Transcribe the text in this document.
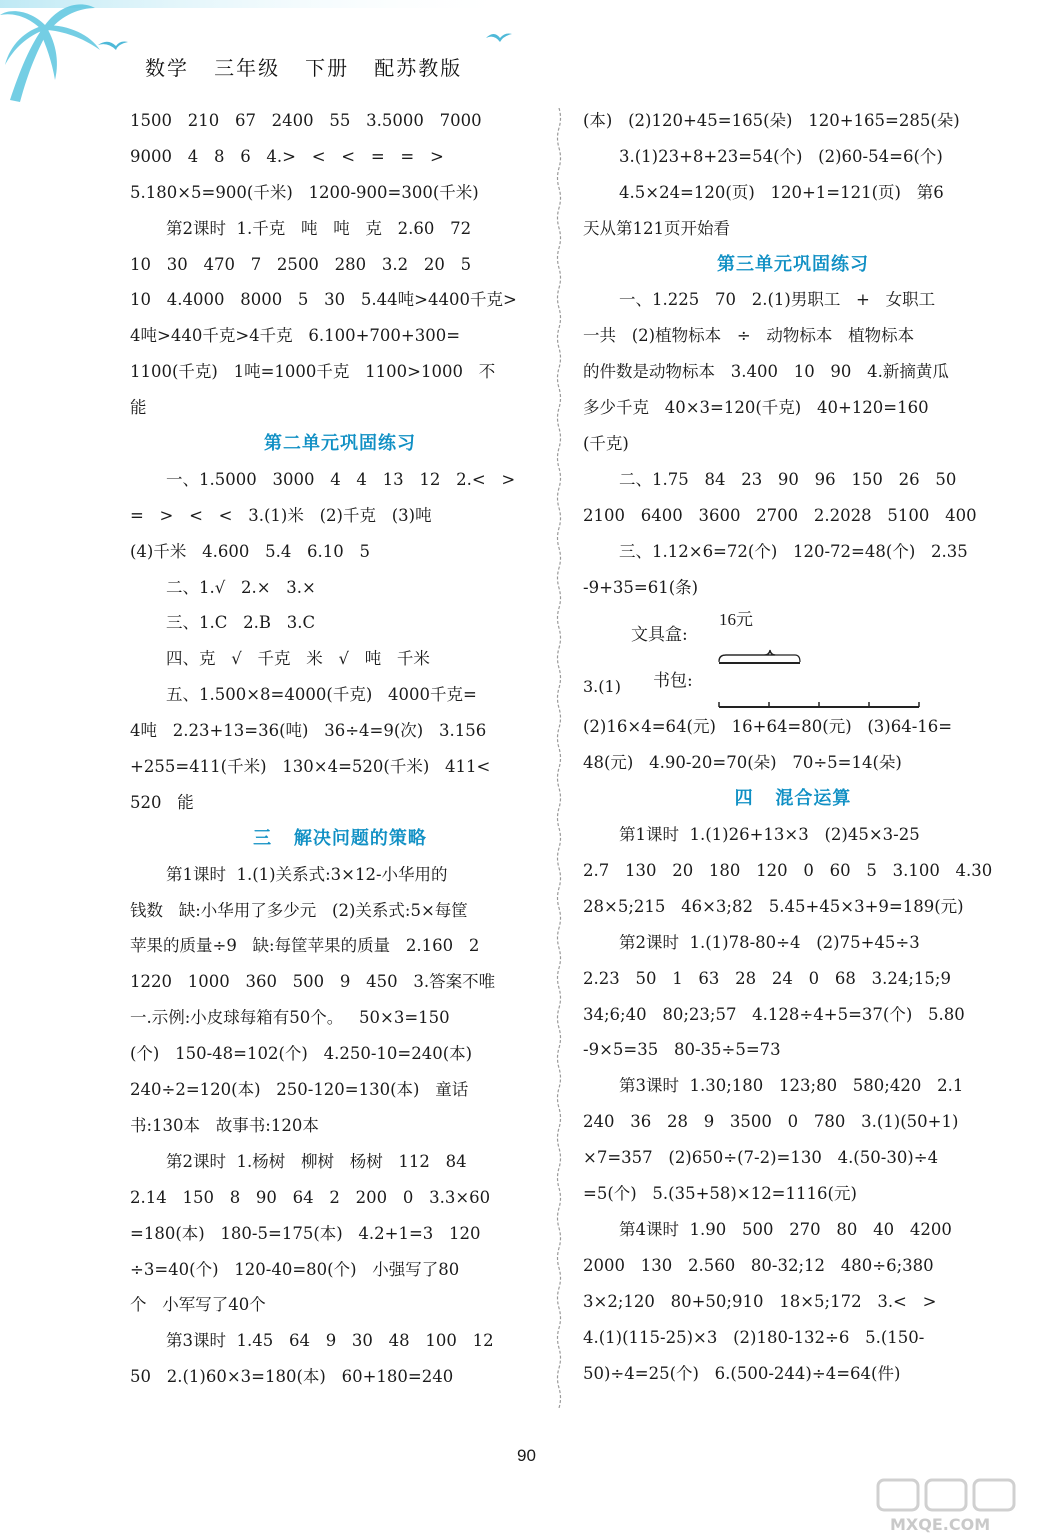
数学   三年级   下册   配苏教版
1500   210   67   2400   55   3.5000   7000
9000   4   8   6   4.>   <   <   =   =   >
5.180×5=900(千米)   1200-900=300(千米)
第2课时  1.千克   吨   吨   克   2.60   72
10   30   470   7   2500   280   3.2   20   5
10   4.4000   8000   5   30   5.44吨>4400千克>
4吨>440千克>4千克   6.100+700+300=
1100(千克)   1吨=1000千克   1100>1000   不
能
第二单元巩固练习
一、1.5000   3000   4   4   13   12   2.<   >
=   >   <   <   3.(1)米   (2)千克   (3)吨
(4)千米   4.600   5.4   6.10   5
二、1.√   2.×   3.×
三、1.C   2.B   3.C
四、克   √   千克   米   √   吨   千米
五、1.500×8=4000(千克)   4000千克=
4吨   2.23+13=36(吨)   36÷4=9(次)   3.156
+255=411(千米)   130×4=520(千米)   411<
520   能
三   解决问题的策略
第1课时  1.(1)关系式:3×12-小华用的
钱数   缺:小华用了多少元   (2)关系式:5×每筐
苹果的质量÷9   缺:每筐苹果的质量   2.160   2
1220   1000   360   500   9   450   3.答案不唯
一.示例:小皮球每箱有50个。   50×3=150
(个)   150-48=102(个)   4.250-10=240(本)
240÷2=120(本)   250-120=130(本)   童话
书:130本   故事书:120本
第2课时  1.杨树   柳树   杨树   112   84
2.14   150   8   90   64   2   200   0   3.3×60
=180(本)   180-5=175(本)   4.2+1=3   120
÷3=40(个)   120-40=80(个)   小强写了80
个   小军写了40个
第3课时  1.45   64   9   30   48   100   12
50   2.(1)60×3=180(本)   60+180=240
(本)   (2)120+45=165(朵)   120+165=285(朵)
3.(1)23+8+23=54(个)   (2)60-54=6(个)
4.5×24=120(页)   120+1=121(页)   第6
天从第121页开始看
第三单元巩固练习
一、1.225   70   2.(1)男职工   +   女职工
一共   (2)植物标本   ÷   动物标本   植物标本
的件数是动物标本   3.400   10   90   4.新摘黄瓜
多少千克   40×3=120(千克)   40+120=160
(千克)
二、1.75   84   23   90   96   150   26   50
2100   6400   3600   2700   2.2028   5100   400
三、1.12×6=72(个)   120-72=48(个)   2.35
-9+35=61(条)
16元
文具盒:
书包:
3.(1)
(2)16×4=64(元)   16+64=80(元)   (3)64-16=
48(元)   4.90-20=70(朵)   70÷5=14(朵)
四   混合运算
第1课时  1.(1)26+13×3   (2)45×3-25
2.7   130   20   180   120   0   60   5   3.100   4.30
28×5;215   46×3;82   5.45+45×3+9=189(元)
第2课时  1.(1)78-80÷4   (2)75+45÷3
2.23   50   1   63   28   24   0   68   3.24;15;9
34;6;40   80;23;57   4.128÷4+5=37(个)   5.80
-9×5=35   80-35÷5=73
第3课时  1.30;180   123;80   580;420   2.1
240   36   28   9   3500   0   780   3.(1)(50+1)
×7=357   (2)650÷(7-2)=130   4.(50-30)÷4
=5(个)   5.(35+58)×12=1116(元)
第4课时  1.90   500   270   80   40   4200
2000   130   2.560   80-32;12   480÷6;380
3×2;120   80+50;910   18×5;172   3.<   >
4.(1)(115-25)×3   (2)180-132÷6   5.(150-
50)÷4=25(个)   6.(500-244)÷4=64(件)
90
MXQE.COM
